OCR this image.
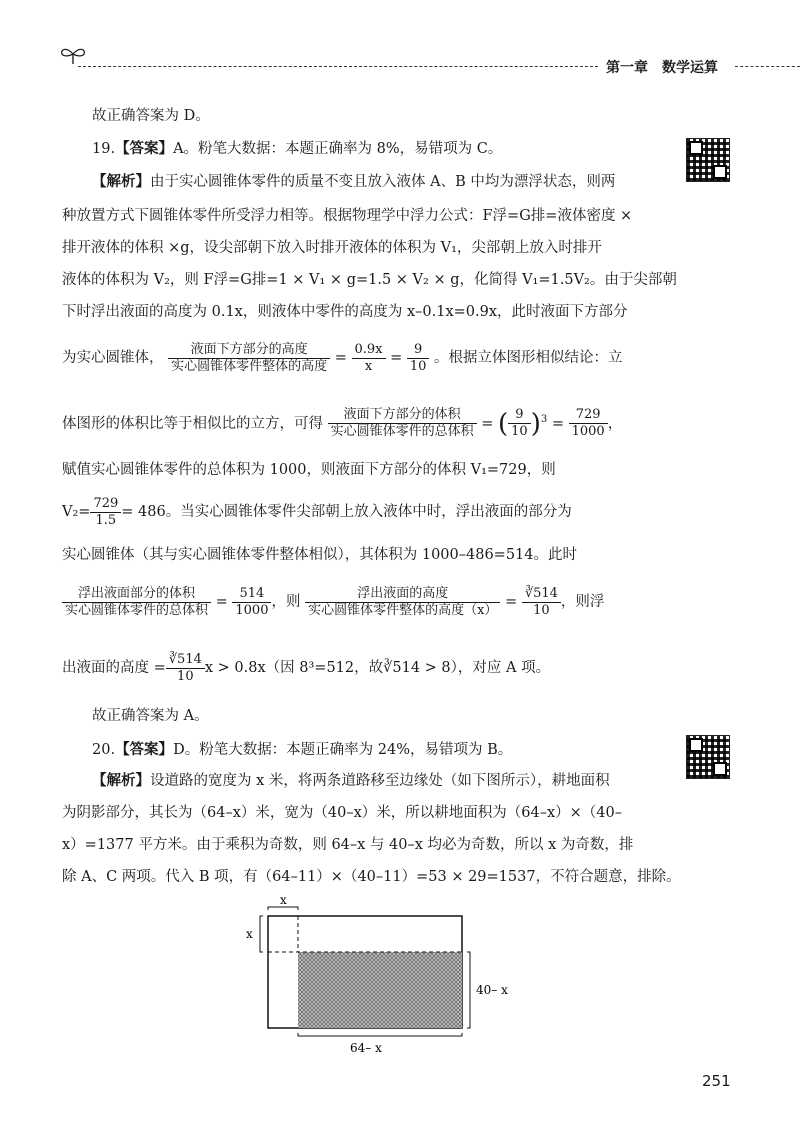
第一章　数学运算
故正确答案为 D。
19.【答案】A。粉笔大数据：本题正确率为 8%，易错项为 C。
【解析】由于实心圆锥体零件的质量不变且放入液体 A、B 中均为漂浮状态，则两
种放置方式下圆锥体零件所受浮力相等。根据物理学中浮力公式：F浮=G排=液体密度 ×
排开液体的体积 ×g，设尖部朝下放入时排开液体的体积为 V₁，尖部朝上放入时排开
液体的体积为 V₂，则 F浮=G排=1 × V₁ × g=1.5 × V₂ × g，化简得 V₁=1.5V₂。由于尖部朝
下时浮出液面的高度为 0.1x，则液体中零件的高度为 x–0.1x=0.9x，此时液面下方部分
为实心圆锥体， $\frac{\text{液面下方部分的高度}}{\text{实心圆锥体零件整体的高度}} = \frac{0.9x}{x} = \frac{9}{10}$ 。根据立体图形相似结论：立
体图形的体积比等于相似比的立方，可得 $\frac{\text{液面下方部分的体积}}{\text{实心圆锥体零件的总体积}}$ = ( $\frac{9}{10} )^3 = \frac{729}{1000}$ ，
赋值实心圆锥体零件的总体积为 1000，则液面下方部分的体积 V₁=729，则
$V_2= \frac{729}{1.5} = 486$。当实心圆锥体零件尖部朝上放入液体中时，浮出液面的部分为
实心圆锥体（其与实心圆锥体零件整体相似），其体积为 1000–486=514。此时
$\frac{\text{浮出液面部分的体积}}{\text{实心圆锥体零件的总体积}} = \frac{514}{1000}$ ，则 $\frac{\text{浮出液面的高度}}{\text{实心圆锥体零件整体的高度（x）}} = \frac{∛514}{10}$ ，则浮
出液面的高度 = $\frac{∛514}{10}$ x > 0.8x（因 8³=512，故∛514 > 8），对应 A 项。
故正确答案为 A。
20.【答案】D。粉笔大数据：本题正确率为 24%，易错项为 B。
【解析】设道路的宽度为 x 米，将两条道路移至边缘处（如下图所示），耕地面积
为阴影部分，其长为（64–x）米，宽为（40–x）米，所以耕地面积为（64–x）×（40–
x）=1377 平方米。由于乘积为奇数，则 64–x 与 40–x 均必为奇数，所以 x 为奇数，排
除 A、C 两项。代入 B 项，有（64–11）×（40–11）=53 × 29=1537，不符合题意，排除。
x
x
40– x
64– x
251
